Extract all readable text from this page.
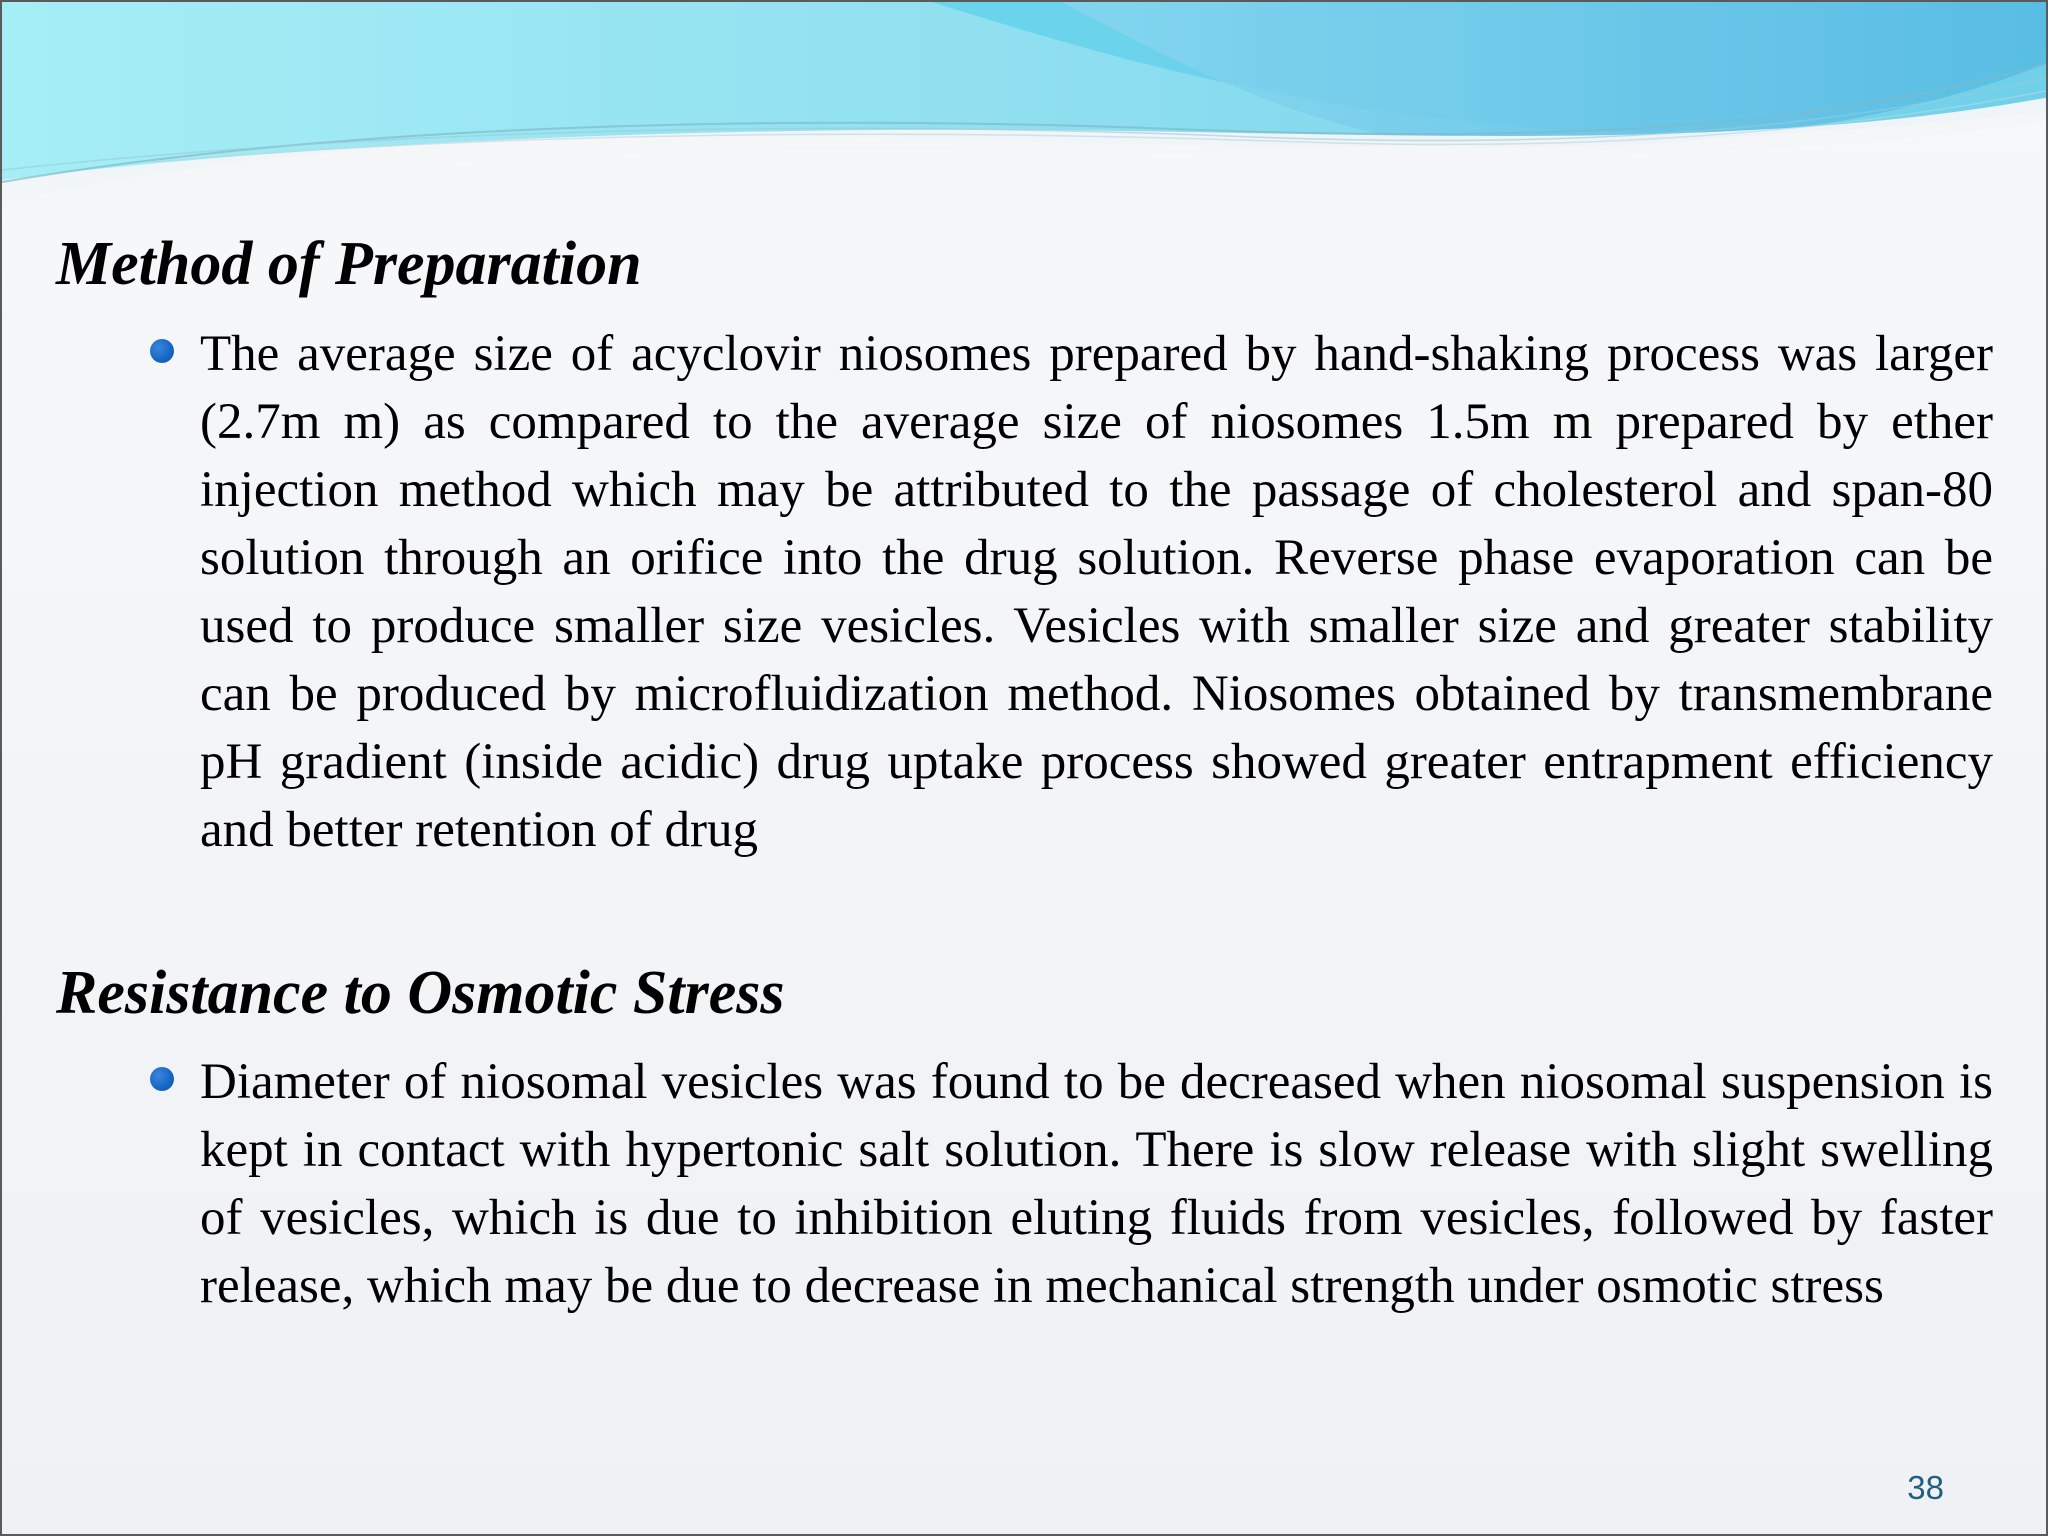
Method of Preparation

The average size of acyclovir niosomes prepared by hand-shaking process was larger (2.7m m) as compared to the average size of niosomes 1.5m m prepared by ether injection method which may be attributed to the passage of cholesterol and span-80 solution through an orifice into the drug solution. Reverse phase evaporation can be used to produce smaller size vesicles. Vesicles with smaller size and greater stability can be produced by microfluidization method. Niosomes obtained by transmembrane pH gradient (inside acidic) drug uptake process showed greater entrapment efficiency and better retention of drug

Resistance to Osmotic Stress

Diameter of niosomal vesicles was found to be decreased when niosomal suspension is kept in contact with hypertonic salt solution. There is slow release with slight swelling of vesicles, which is due to inhibition eluting fluids from vesicles, followed by faster release, which may be due to decrease in mechanical strength under osmotic stress

38
